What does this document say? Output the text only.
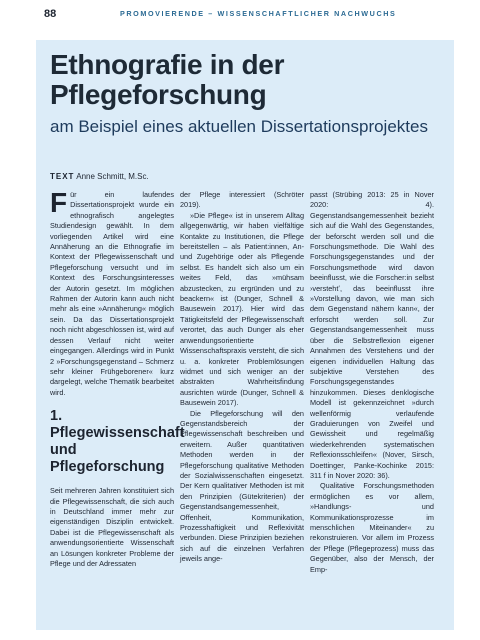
88	PROMOVIERENDE – WISSENSCHAFTLICHER NACHWUCHS
Ethnografie in der Pflegeforschung
am Beispiel eines aktuellen Dissertationsprojektes
TEXT Anne Schmitt, M.Sc.

Für ein laufendes Dissertationsprojekt wurde ein ethnografisch angelegtes Studiendesign gewählt. In dem vorliegenden Artikel wird eine Annäherung an die Ethnografie im Kontext der Pflegewissenschaft und Pflegeforschung versucht und im Kontext des Forschungsinteresses der Autorin gesetzt. Im möglichen Rahmen der Autorin kann auch nicht mehr als eine »Annäherung« möglich sein. Da das Dissertationsprojekt noch nicht abgeschlossen ist, wird auf dessen Verlauf nicht weiter eingegangen. Allerdings wird in Punkt 2 »Forschungsgegenstand – Schmerz sehr kleiner Frühgeborener« kurz dargelegt, welche Thematik bearbeitet wird.

1. Pflegewissenschaft und Pflegeforschung

Seit mehreren Jahren konstituiert sich die Pflegewissenschaft, die sich auch in Deutschland immer mehr zur eigenständigen Disziplin entwickelt. Dabei ist die Pflegewissenschaft als anwendungsorientierte Wissenschaft an Lösungen konkreter Probleme der Pflege und der Adressaten

der Pflege interessiert (Schröter 2019).

»Die Pflege« ist in unserem Alltag allgegenwärtig, wir haben vielfältige Kontakte zu Institutionen, die Pflege bereitstellen – als Patient:innen, An- und Zugehörige oder als Pflegende selbst. Es handelt sich also um ein weites Feld, das »mühsam abzustecken, zu ergründen und zu beackern« ist (Dunger, Schnell & Bausewein 2017). Hier wird das Tätigkeitsfeld der Pflegewissenschaft verortet, das auch Dunger als eher anwendungsorientierte Wissenschaftspraxis versteht, die sich u. a. konkreter Problemlösungen widmet und sich weniger an der abstrakten Wahrheitsfindung ausrichten würde (Dunger, Schnell & Bausewein 2017).

Die Pflegeforschung will den Gegenstandsbereich der Pflegewissenschaft beschreiben und erweitern. Außer quantitativen Methoden werden in der Pflegeforschung qualitative Methoden der Sozialwissenschaften eingesetzt. Der Kern qualitativer Methoden ist mit den Prinzipien (Gütekriterien) der Gegenstandsangemessenheit, Offenheit, Kommunikation, Prozesshaftigkeit und Reflexivität verbunden. Diese Prinzipien beziehen sich auf die einzelnen Verfahren jeweils ange-

passt (Strübing 2013: 25 in Nover 2020: 4). Gegenstandsangemessenheit bezieht sich auf die Wahl des Gegenstandes, der beforscht werden soll und die Forschungsmethode. Die Wahl des Forschungsgegenstandes und der Forschungsmethode wird davon beeinflusst, wie die Forscher:in selbst ›verstehtʻ, das beeinflusst ihre »Vorstellung davon, wie man sich dem Gegenstand nähern kann«, der erforscht werden soll. Zur Gegenstandsangemessenheit muss über die Selbstreflexion eigener Annahmen des Verstehens und der eigenen individuellen Haltung das subjektive Verstehen des Forschungsgegenstandes hinzukommen. Dieses denklogische Modell ist gekennzeichnet »durch wellenförmig verlaufende Graduierungen von Zweifel und Gewissheit und regelmäßig wiederkehrenden systematischen Reflexionsschleifen« (Nover, Sirsch, Doettinger, Panke-Kochinke 2015: 311 f in Nover 2020: 36).

Qualitative Forschungsmethoden ermöglichen es vor allem, »Handlungs- und Kommunikationsprozesse im menschlichen Miteinander« zu rekonstruieren. Vor allem im Prozess der Pflege (Pflegeprozess) muss das Gegenüber, also der Mensch, der Emp-
